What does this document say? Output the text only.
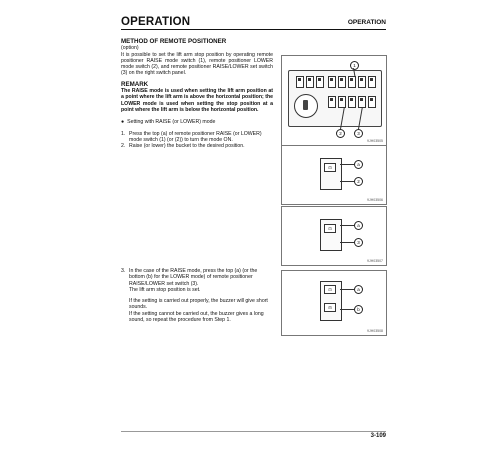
OPERATION	OPERATION
METHOD OF REMOTE POSITIONER
(option)
It is possible to set the lift arm stop position by operating remote positioner RAISE mode switch (1), remote positioner LOWER mode switch (2), and remote positioner RAISE/LOWER set switch (3) on the right switch panel.
REMARK
The RAISE mode is used when setting the lift arm position at a point where the lift arm is above the horizontal position; the LOWER mode is used when setting the stop position at a point where the lift arm is below the horizontal position.
● Setting with RAISE (or LOWER) mode
1. Press the top (a) of remote positioner RAISE (or LOWER) mode switch (1) (or (2)) to turn the mode ON.
2. Raise (or lower) the bucket to the desired position.
3. In the case of the RAISE mode, press the top (a) (or the bottom (b) for the LOWER mode) of remote positioner RAISE/LOWER set switch (3).
The lift arm stop position is set.
If the setting is carried out properly, the buzzer will give short sounds.
If the setting cannot be carried out, the buzzer gives a long sound, so repeat the procedure from Step 1.
1
2	3
9JH03505
⊡
a
2
9JH03506
⊡
a
3
9JH03507
⊡
⊟
a
b
9JH03508
3-109
